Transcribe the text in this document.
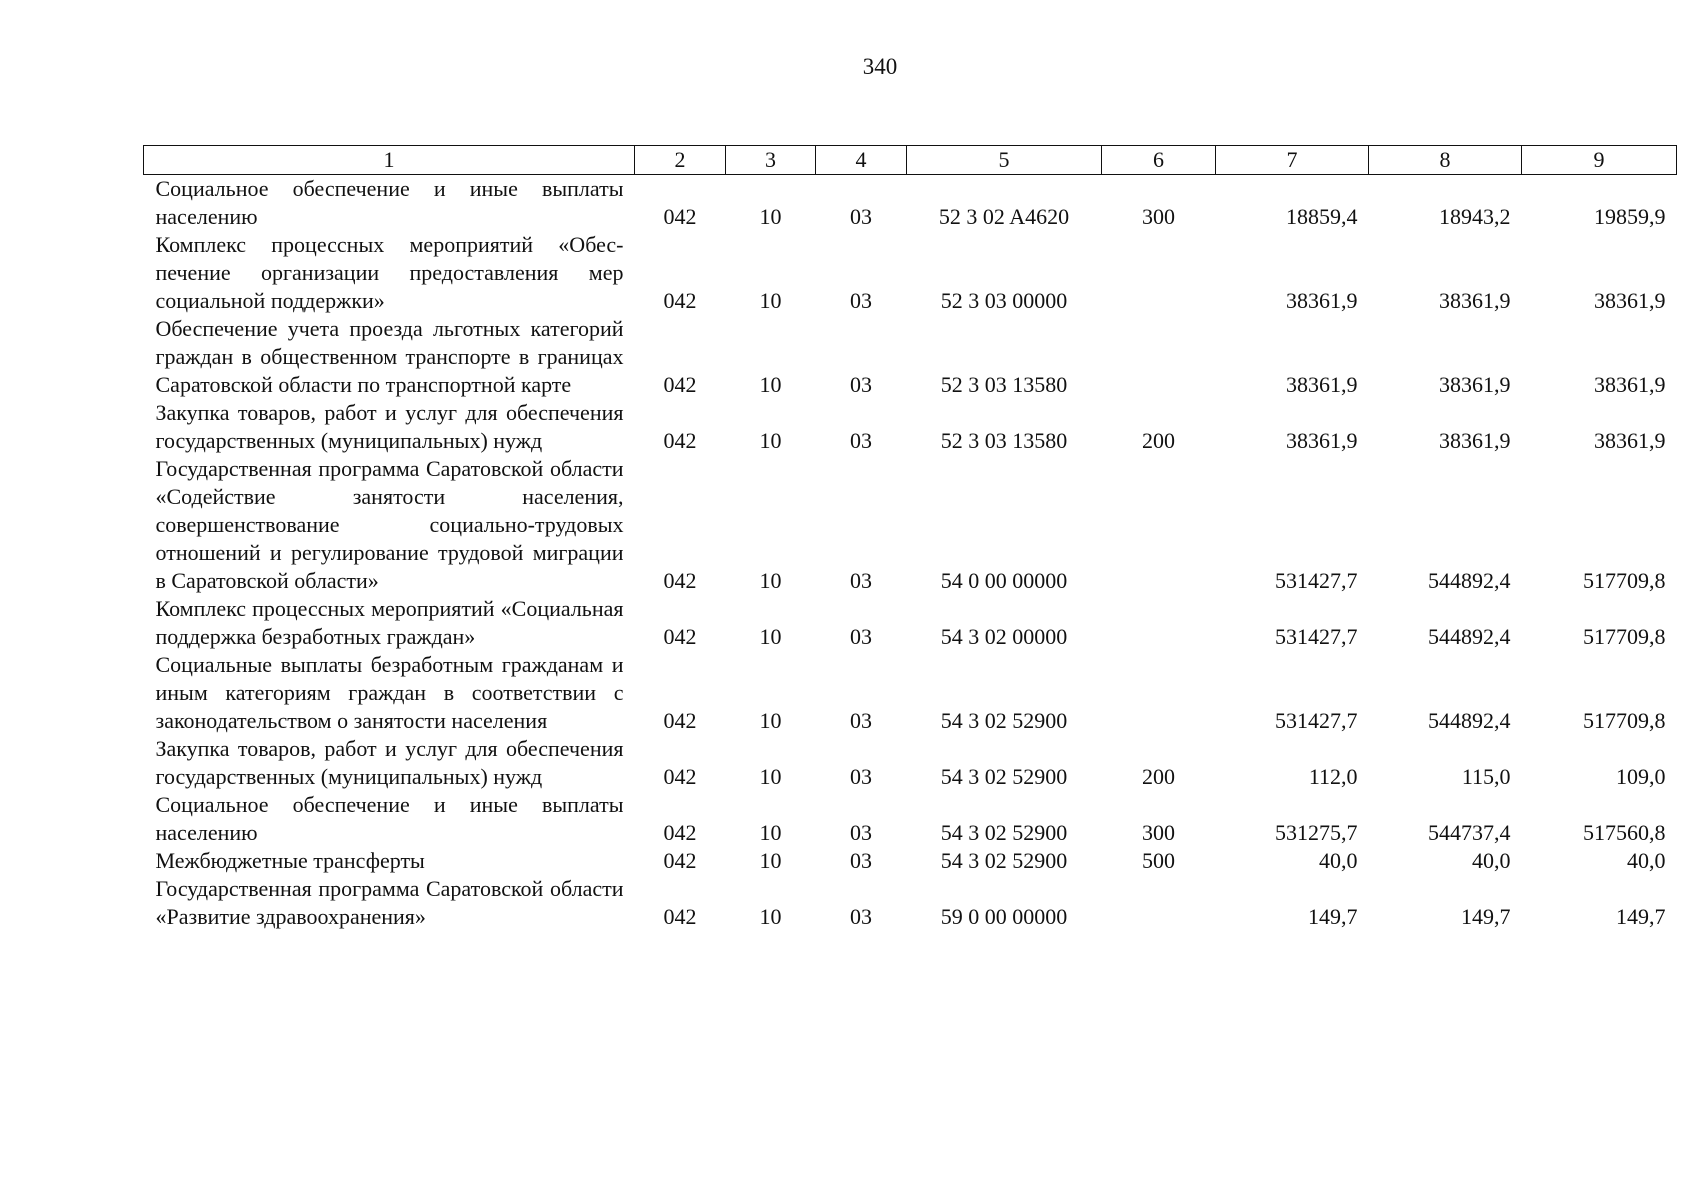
340
1	2	3	4	5	6	7	8	9
Социальное обеспечение и иные выплаты населению	042	10	03	52 3 02 A4620	300	18859,4	18943,2	19859,9
Комплекс процессных мероприятий «Обеспечение организации предоставления мер социальной поддержки»	042	10	03	52 3 03 00000		38361,9	38361,9	38361,9
Обеспечение учета проезда льготных категорий граждан в общественном транспорте в границах Саратовской области по транспортной карте	042	10	03	52 3 03 13580		38361,9	38361,9	38361,9
Закупка товаров, работ и услуг для обеспечения государственных (муниципальных) нужд	042	10	03	52 3 03 13580	200	38361,9	38361,9	38361,9
Государственная программа Саратовской области «Содействие занятости населения, совершенствование социально-трудовых отношений и регулирование трудовой миграции в Саратовской области»	042	10	03	54 0 00 00000		531427,7	544892,4	517709,8
Комплекс процессных мероприятий «Социальная поддержка безработных граждан»	042	10	03	54 3 02 00000		531427,7	544892,4	517709,8
Социальные выплаты безработным гражданам и иным категориям граждан в соответствии с законодательством о занятости населения	042	10	03	54 3 02 52900		531427,7	544892,4	517709,8
Закупка товаров, работ и услуг для обеспечения государственных (муниципальных) нужд	042	10	03	54 3 02 52900	200	112,0	115,0	109,0
Социальное обеспечение и иные выплаты населению	042	10	03	54 3 02 52900	300	531275,7	544737,4	517560,8
Межбюджетные трансферты	042	10	03	54 3 02 52900	500	40,0	40,0	40,0
Государственная программа Саратовской области «Развитие здравоохранения»	042	10	03	59 0 00 00000		149,7	149,7	149,7
